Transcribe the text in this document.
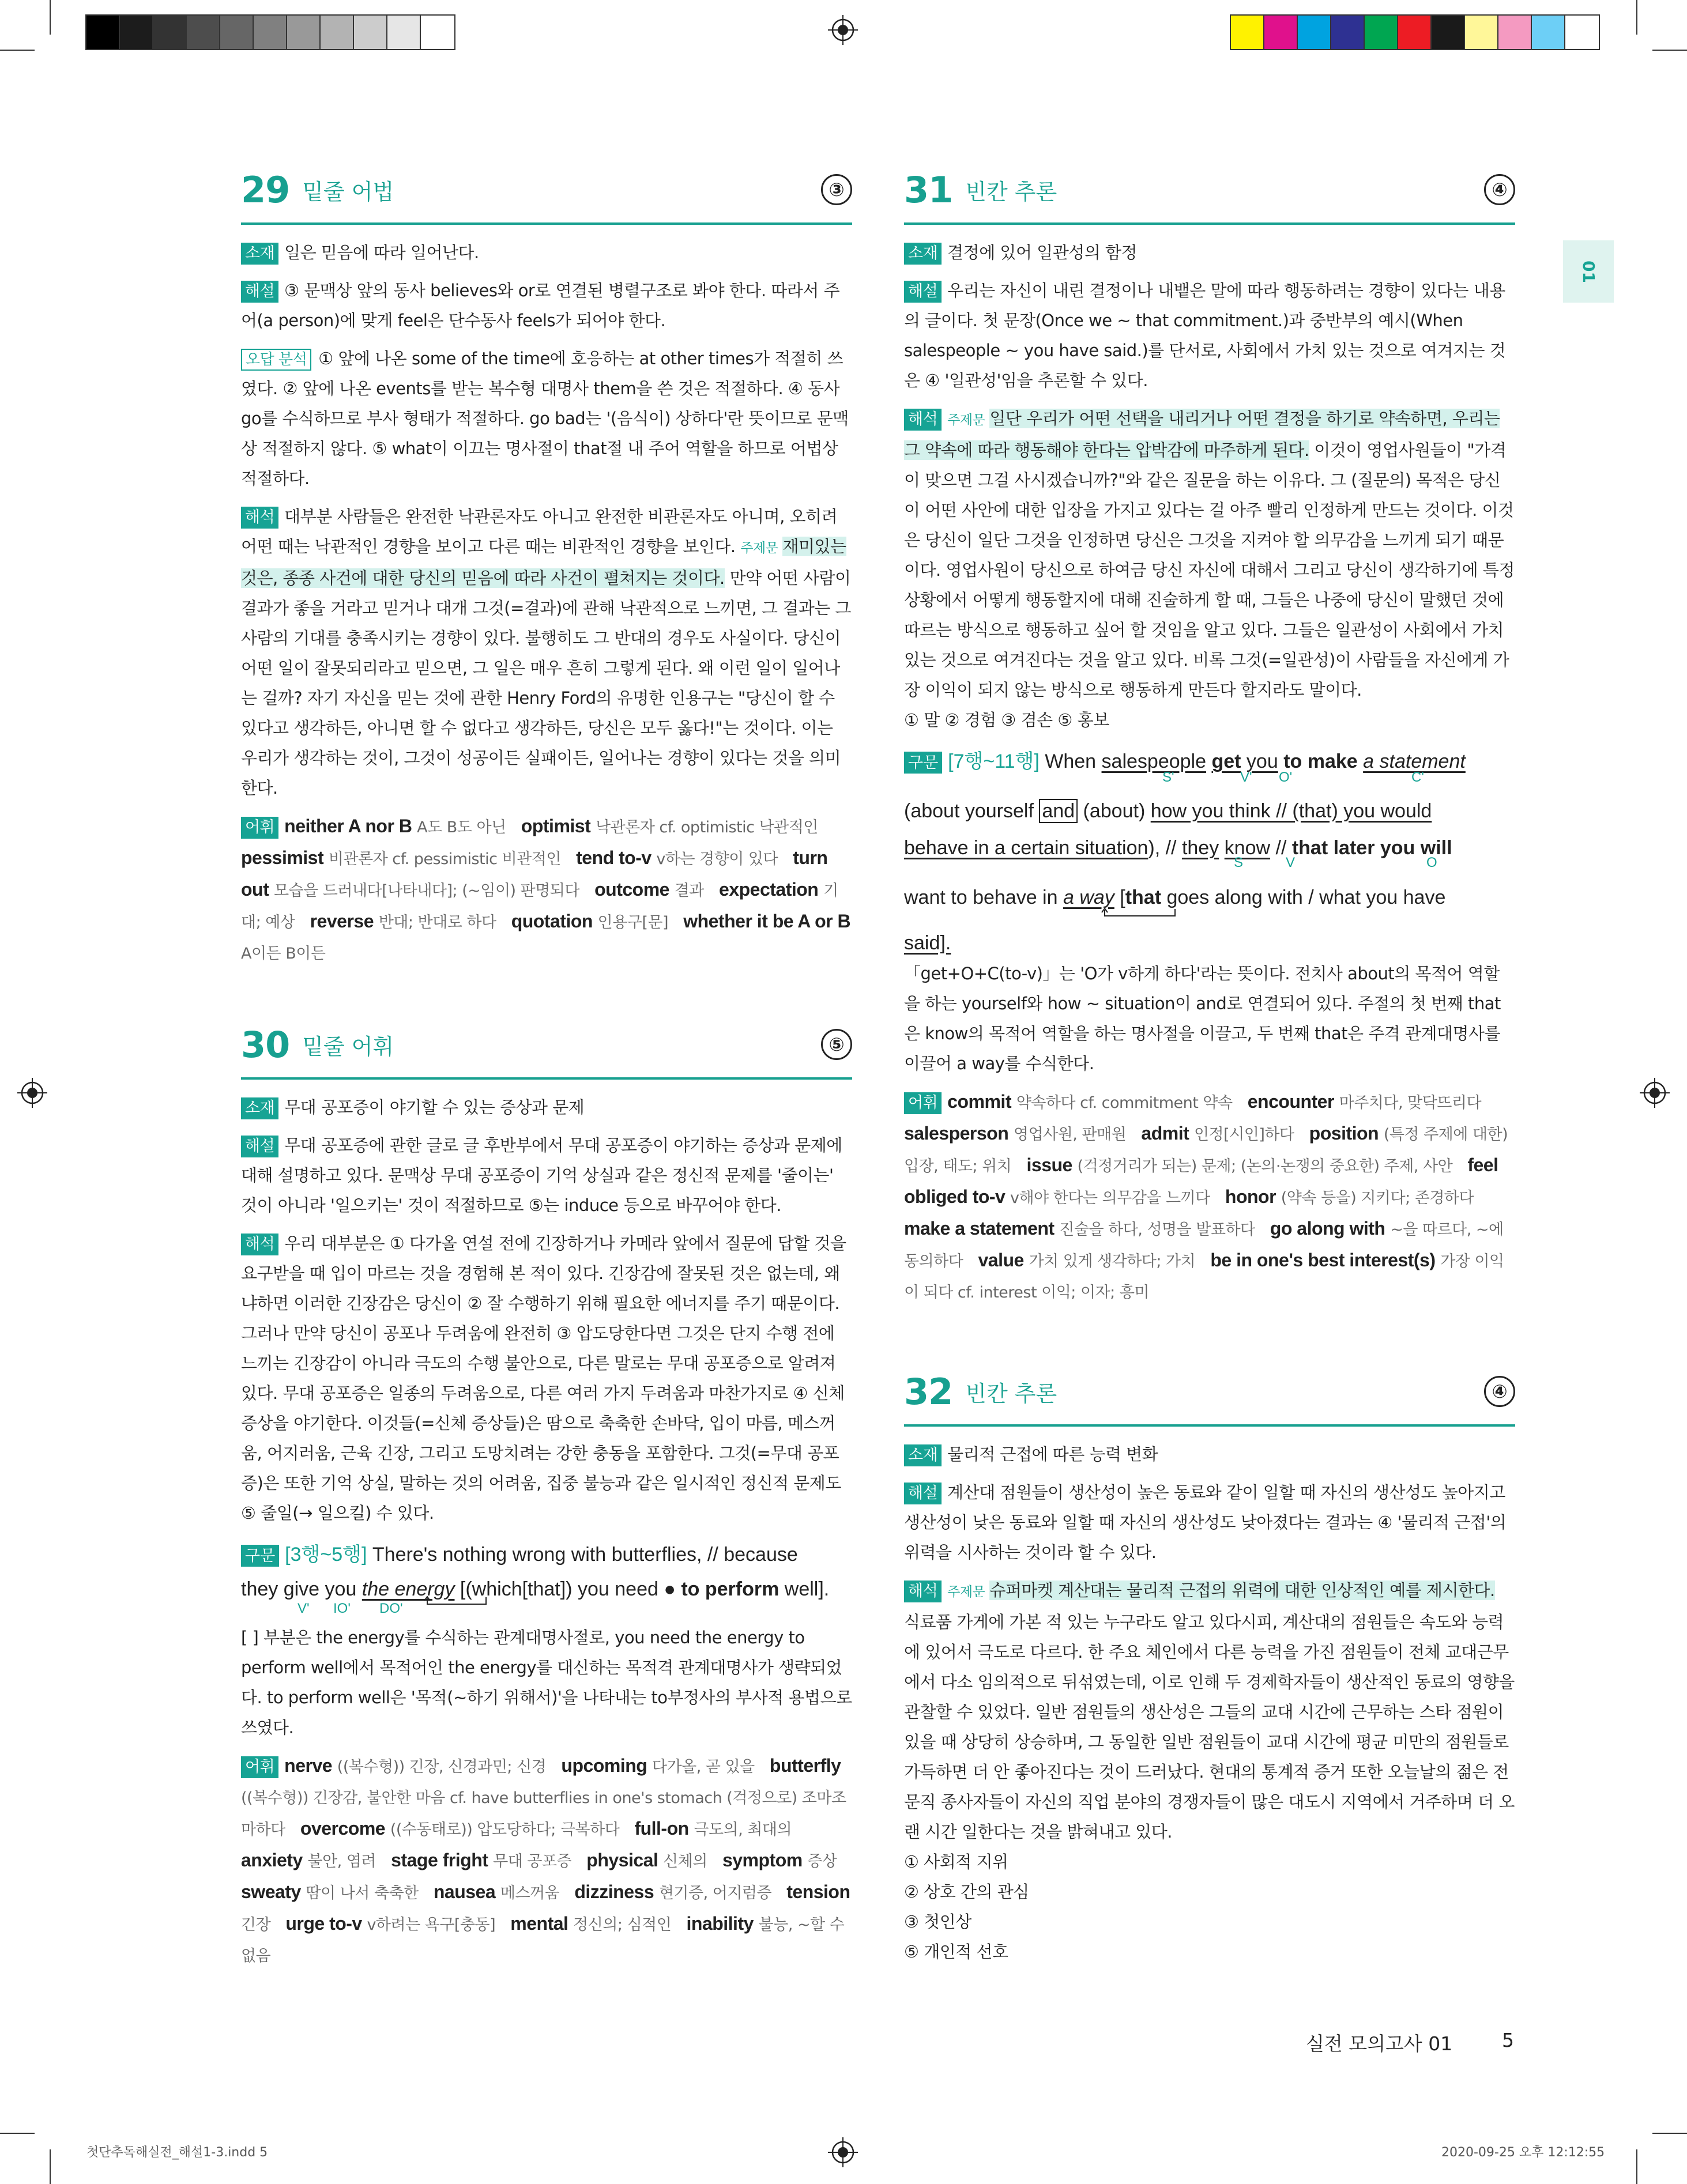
01
29 밑줄 어법	③

소재 일은 믿음에 따라 일어난다.

해설 ③ 문맥상 앞의 동사 believes와 or로 연결된 병렬구조로 봐야 한다. 따라서 주어(a person)에 맞게 feel은 단수동사 feels가 되어야 한다.

오답 분석 ① 앞에 나온 some of the time에 호응하는 at other times가 적절히 쓰였다. ② 앞에 나온 events를 받는 복수형 대명사 them을 쓴 것은 적절하다. ④ 동사 go를 수식하므로 부사 형태가 적절하다. go bad는 '(음식이) 상하다'란 뜻이므로 문맥상 적절하지 않다. ⑤ what이 이끄는 명사절이 that절 내 주어 역할을 하므로 어법상 적절하다.

해석 대부분 사람들은 완전한 낙관론자도 아니고 완전한 비관론자도 아니며, 오히려 어떤 때는 낙관적인 경향을 보이고 다른 때는 비관적인 경향을 보인다. 주제문 재미있는 것은, 종종 사건에 대한 당신의 믿음에 따라 사건이 펼쳐지는 것이다. 만약 어떤 사람이 결과가 좋을 거라고 믿거나 대개 그것(=결과)에 관해 낙관적으로 느끼면, 그 결과는 그 사람의 기대를 충족시키는 경향이 있다. 불행히도 그 반대의 경우도 사실이다. 당신이 어떤 일이 잘못되리라고 믿으면, 그 일은 매우 흔히 그렇게 된다. 왜 이런 일이 일어나는 걸까? 자기 자신을 믿는 것에 관한 Henry Ford의 유명한 인용구는 "당신이 할 수 있다고 생각하든, 아니면 할 수 없다고 생각하든, 당신은 모두 옳다!"는 것이다. 이는 우리가 생각하는 것이, 그것이 성공이든 실패이든, 일어나는 경향이 있다는 것을 의미한다.

어휘 neither A nor B A도 B도 아닌 optimist 낙관론자 cf. optimistic 낙관적인   pessimist 비관론자 cf. pessimistic 비관적인 tend to-v v하는 경향이 있다 turn out 모습을 드러내다[나타내다]; (~임이) 판명되다 outcome 결과 expectation 기대; 예상 reverse 반대; 반대로 하다 quotation 인용구[문] whether it be A or B A이든 B이든

30 밑줄 어휘	⑤

소재 무대 공포증이 야기할 수 있는 증상과 문제

해설 무대 공포증에 관한 글로 글 후반부에서 무대 공포증이 야기하는 증상과 문제에 대해 설명하고 있다. 문맥상 무대 공포증이 기억 상실과 같은 정신적 문제를 '줄이는' 것이 아니라 '일으키는' 것이 적절하므로 ⑤는 induce 등으로 바꾸어야 한다.

해석 우리 대부분은 ① 다가올 연설 전에 긴장하거나 카메라 앞에서 질문에 답할 것을 요구받을 때 입이 마르는 것을 경험해 본 적이 있다. 긴장감에 잘못된 것은 없는데, 왜냐하면 이러한 긴장감은 당신이 ② 잘 수행하기 위해 필요한 에너지를 주기 때문이다. 그러나 만약 당신이 공포나 두려움에 완전히 ③ 압도당한다면 그것은 단지 수행 전에 느끼는 긴장감이 아니라 극도의 수행 불안으로, 다른 말로는 무대 공포증으로 알려져 있다. 무대 공포증은 일종의 두려움으로, 다른 여러 가지 두려움과 마찬가지로 ④ 신체 증상을 야기한다. 이것들(=신체 증상들)은 땀으로 축축한 손바닥, 입이 마름, 메스꺼움, 어지러움, 근육 긴장, 그리고 도망치려는 강한 충동을 포함한다. 그것(=무대 공포증)은 또한 기억 상실, 말하는 것의 어려움, 집중 불능과 같은 일시적인 정신적 문제도 ⑤ 줄일(→ 일으킬) 수 있다.

구문 [3행~5행] There's nothing wrong with butterflies, // because

they give you the energy [(which[that]) you need ● to perform well].

V' IO' DO'

[ ] 부분은 the energy를 수식하는 관계대명사절로, you need the energy to perform well에서 목적어인 the energy를 대신하는 목적격 관계대명사가 생략되었다. to perform well은 '목적(~하기 위해서)'을 나타내는 to부정사의 부사적 용법으로 쓰였다.

어휘 nerve ((복수형)) 긴장, 신경과민; 신경 upcoming 다가올, 곧 있을 butterfly ((복수형)) 긴장감, 불안한 마음 cf. have butterflies in one's stomach (걱정으로) 조마조마하다 overcome ((수동태로)) 압도당하다; 극복하다 full-on 극도의, 최대의   anxiety 불안, 염려 stage fright 무대 공포증 physical 신체의 symptom 증상   sweaty 땀이 나서 축축한 nausea 메스꺼움 dizziness 현기증, 어지럼증 tension 긴장 urge to-v v하려는 욕구[충동] mental 정신의; 심적인 inability 불능, ~할 수 없음

31 빈칸 추론	④

소재 결정에 있어 일관성의 함정

해설 우리는 자신이 내린 결정이나 내뱉은 말에 따라 행동하려는 경향이 있다는 내용의 글이다. 첫 문장(Once we ~ that commitment.)과 중반부의 예시(When salespeople ~ you have said.)를 단서로, 사회에서 가치 있는 것으로 여겨지는 것은 ④ '일관성'임을 추론할 수 있다.

해석 주제문 일단 우리가 어떤 선택을 내리거나 어떤 결정을 하기로 약속하면, 우리는 그 약속에 따라 행동해야 한다는 압박감에 마주하게 된다. 이것이 영업사원들이 "가격이 맞으면 그걸 사시겠습니까?"와 같은 질문을 하는 이유다. 그 (질문의) 목적은 당신이 어떤 사안에 대한 입장을 가지고 있다는 걸 아주 빨리 인정하게 만드는 것이다. 이것은 당신이 일단 그것을 인정하면 당신은 그것을 지켜야 할 의무감을 느끼게 되기 때문이다. 영업사원이 당신으로 하여금 당신 자신에 대해서 그리고 당신이 생각하기에 특정 상황에서 어떻게 행동할지에 대해 진술하게 할 때, 그들은 나중에 당신이 말했던 것에 따르는 방식으로 행동하고 싶어 할 것임을 알고 있다. 그들은 일관성이 사회에서 가치 있는 것으로 여겨진다는 것을 알고 있다. 비록 그것(=일관성)이 사람들을 자신에게 가장 이익이 되지 않는 방식으로 행동하게 만든다 할지라도 말이다.

① 말 ② 경험 ③ 겸손 ⑤ 홍보

구문 [7행~11행] When salespeople get you to make a statement

S'	V' O'	C'

(about yourself and (about) how you think // (that) you would

behave in a certain situation), // they know // that later you will

S	V	O

want to behave in a way [that goes along with / what you have

said].

「get+O+C(to-v)」는 'O가 v하게 하다'라는 뜻이다. 전치사 about의 목적어 역할을 하는 yourself와 how ~ situation이 and로 연결되어 있다. 주절의 첫 번째 that은 know의 목적어 역할을 하는 명사절을 이끌고, 두 번째 that은 주격 관계대명사를 이끌어 a way를 수식한다.

어휘 commit 약속하다 cf. commitment 약속 encounter 마주치다, 맞닥뜨리다   salesperson 영업사원, 판매원 admit 인정[시인]하다 position (특정 주제에 대한) 입장, 태도; 위치 issue (걱정거리가 되는) 문제; (논의·논쟁의 중요한) 주제, 사안 feel obliged to-v v해야 한다는 의무감을 느끼다 honor (약속 등을) 지키다; 존경하다   make a statement 진술을 하다, 성명을 발표하다 go along with ~을 따르다, ~에 동의하다 value 가치 있게 생각하다; 가치 be in one's best interest(s) 가장 이익이 되다 cf. interest 이익; 이자; 흥미

32 빈칸 추론	④

소재 물리적 근접에 따른 능력 변화

해설 계산대 점원들이 생산성이 높은 동료와 같이 일할 때 자신의 생산성도 높아지고 생산성이 낮은 동료와 일할 때 자신의 생산성도 낮아졌다는 결과는 ④ '물리적 근접'의 위력을 시사하는 것이라 할 수 있다.

해석 주제문 슈퍼마켓 계산대는 물리적 근접의 위력에 대한 인상적인 예를 제시한다. 식료품 가게에 가본 적 있는 누구라도 알고 있다시피, 계산대의 점원들은 속도와 능력에 있어서 극도로 다르다. 한 주요 체인에서 다른 능력을 가진 점원들이 전체 교대근무에서 다소 임의적으로 뒤섞였는데, 이로 인해 두 경제학자들이 생산적인 동료의 영향을 관찰할 수 있었다. 일반 점원들의 생산성은 그들의 교대 시간에 근무하는 스타 점원이 있을 때 상당히 상승하며, 그 동일한 일반 점원들이 교대 시간에 평균 미만의 점원들로 가득하면 더 안 좋아진다는 것이 드러났다. 현대의 통계적 증거 또한 오늘날의 젊은 전문직 종사자들이 자신의 직업 분야의 경쟁자들이 많은 대도시 지역에서 거주하며 더 오랜 시간 일한다는 것을 밝혀내고 있다.

① 사회적 지위

② 상호 간의 관심

③ 첫인상

⑤ 개인적 선호

실전 모의고사 01	5
첫단추독해실전_해설1-3.indd 5	2020-09-25 오후 12:12:55
